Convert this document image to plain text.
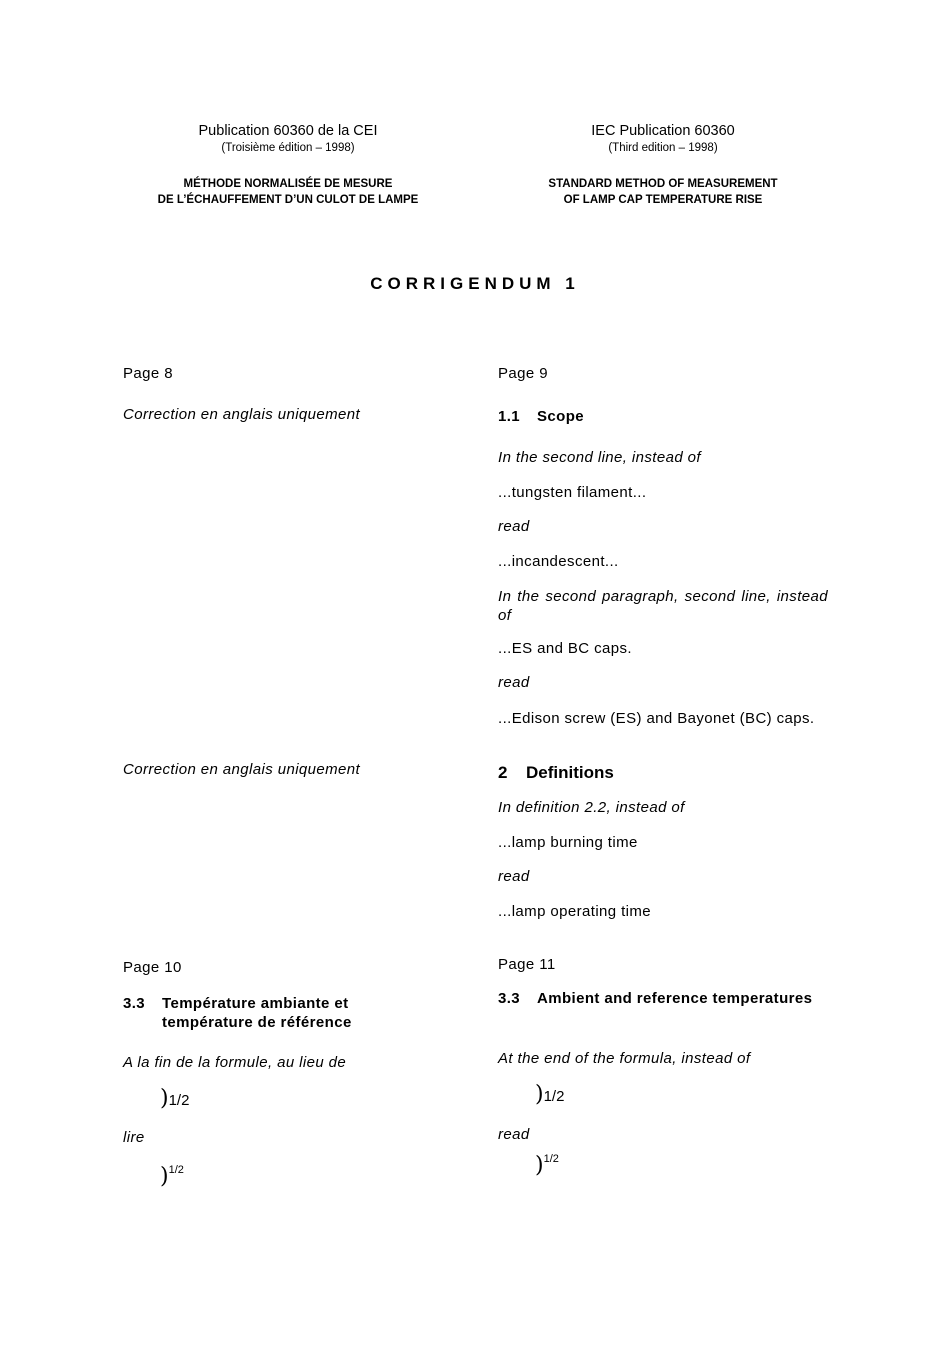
Publication 60360 de la CEI
(Troisième édition – 1998)
MÉTHODE NORMALISÉE DE MESURE
DE L’ÉCHAUFFEMENT D’UN CULOT DE LAMPE
IEC Publication 60360
(Third edition – 1998)
STANDARD METHOD OF MEASUREMENT
OF LAMP CAP TEMPERATURE RISE
CORRIGENDUM 1
Page 8
Correction en anglais uniquement
Correction en anglais uniquement
Page 10
3.3 Température ambiante et
température de référence
A la fin de la formule, au lieu de
)1/2
lire
)$^{1/2}$
Page 9
1.1 Scope
In the second line, instead of
...tungsten filament...
read
...incandescent...
In the second paragraph, second line, instead of
...ES and BC caps.
read
...Edison screw (ES) and Bayonet (BC) caps.
2 Definitions
In definition 2.2, instead of
...lamp burning time
read
...lamp operating time
Page 11
3.3 Ambient and reference temperatures
At the end of the formula, instead of
)1/2
read
)$^{1/2}$
